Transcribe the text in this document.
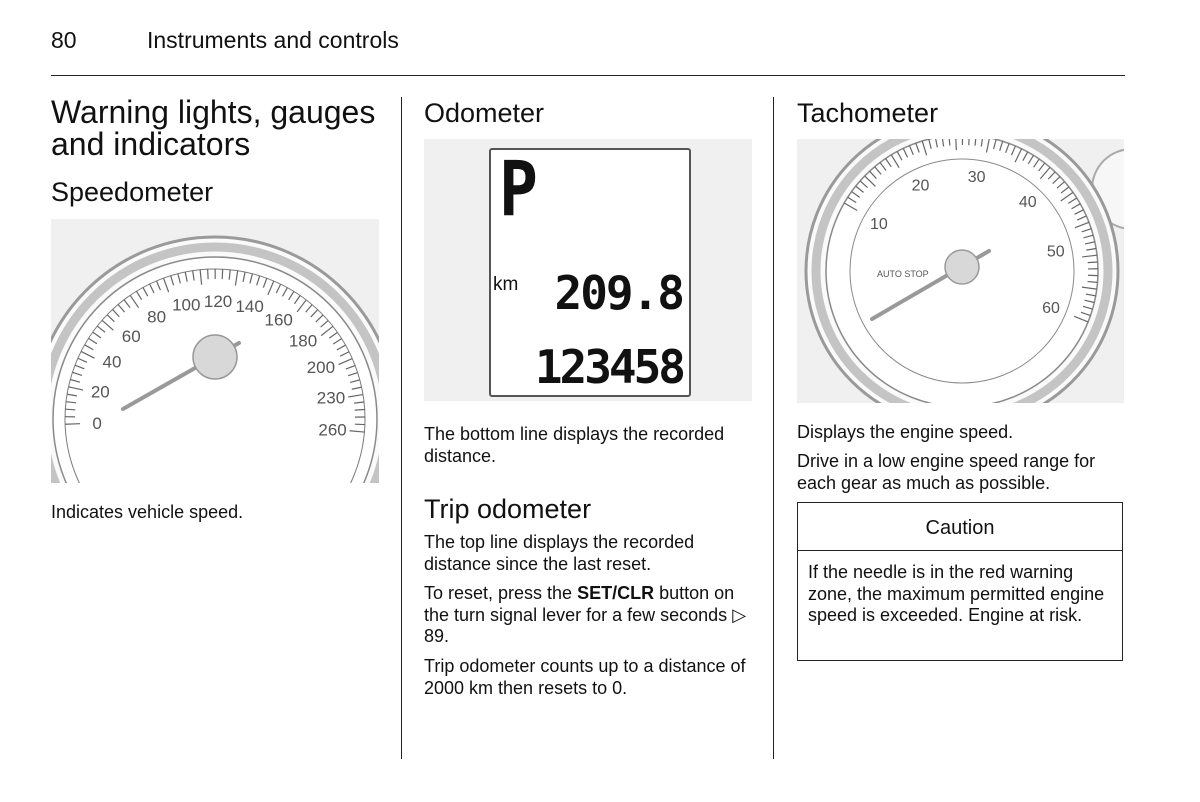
80	Instruments and controls
Warning lights, gauges and indicators
Speedometer
0
20
40
60
80
100 120 140
160
180
200
230
260
Indicates vehicle speed.
Odometer
P
km 209.8
123458
The bottom line displays the recorded distance.
Trip odometer
The top line displays the recorded distance since the last reset.
To reset, press the SET/CLR button on the turn signal lever for a few seconds ▷ 89.
Trip odometer counts up to a distance of 2000 km then resets to 0.
Tachometer
10
20 30
40
50
60
AUTO STOP
Displays the engine speed.
Drive in a low engine speed range for each gear as much as possible.
Caution
If the needle is in the red warning zone, the maximum permitted engine speed is exceeded. Engine at risk.
